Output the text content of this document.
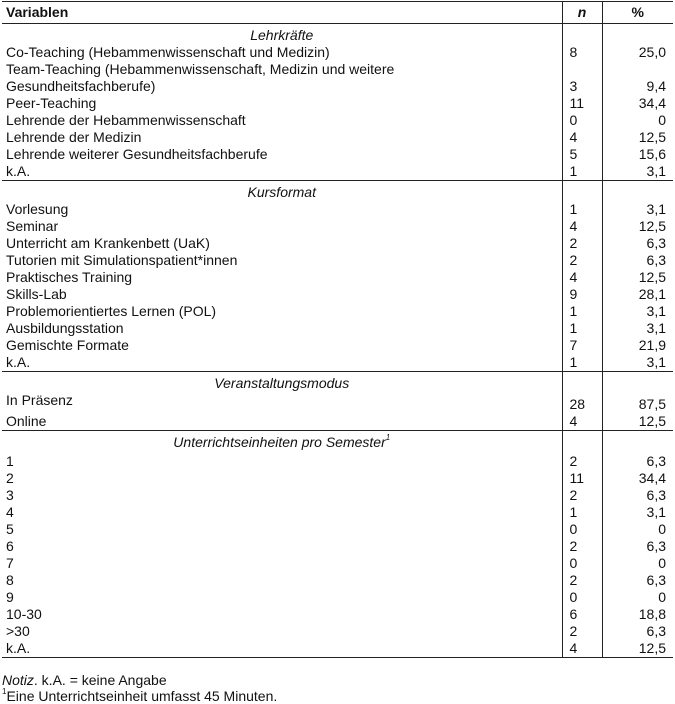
Variablen	n	%
Lehrkräfte		

Co-Teaching (Hebammenwissenschaft und Medizin)	8	25,0

Team-Teaching (Hebammenwissenschaft, Medizin und weitere
Gesundheitsfachberufe)	3	9,4

Peer-Teaching	11	34,4

Lehrende der Hebammenwissenschaft	0	0

Lehrende der Medizin	4	12,5

Lehrende weiterer Gesundheitsfachberufe	5	15,6

k.A.	1	3,1
Kursformat		

Vorlesung	1	3,1

Seminar	4	12,5

Unterricht am Krankenbett (UaK)	2	6,3

Tutorien mit Simulationspatient*innen	2	6,3

Praktisches Training	4	12,5

Skills-Lab	9	28,1

Problemorientiertes Lernen (POL)	1	3,1

Ausbildungsstation	1	3,1

Gemischte Formate	7	21,9

k.A.	1	3,1
Veranstaltungsmodus		

In Präsenz	28	87,5

Online	4	12,5
Unterrichtseinheiten pro Semester$^1$		

1	2	6,3

2	11	34,4

3	2	6,3

4	1	3,1

5	0	0

6	2	6,3

7	0	0

8	2	6,3

9	0	0

10-30	6	18,8

>30	2	6,3

k.A.	4	12,5
Notiz. k.A. = keine Angabe
$^1$Eine Unterrichtseinheit umfasst 45 Minuten.
